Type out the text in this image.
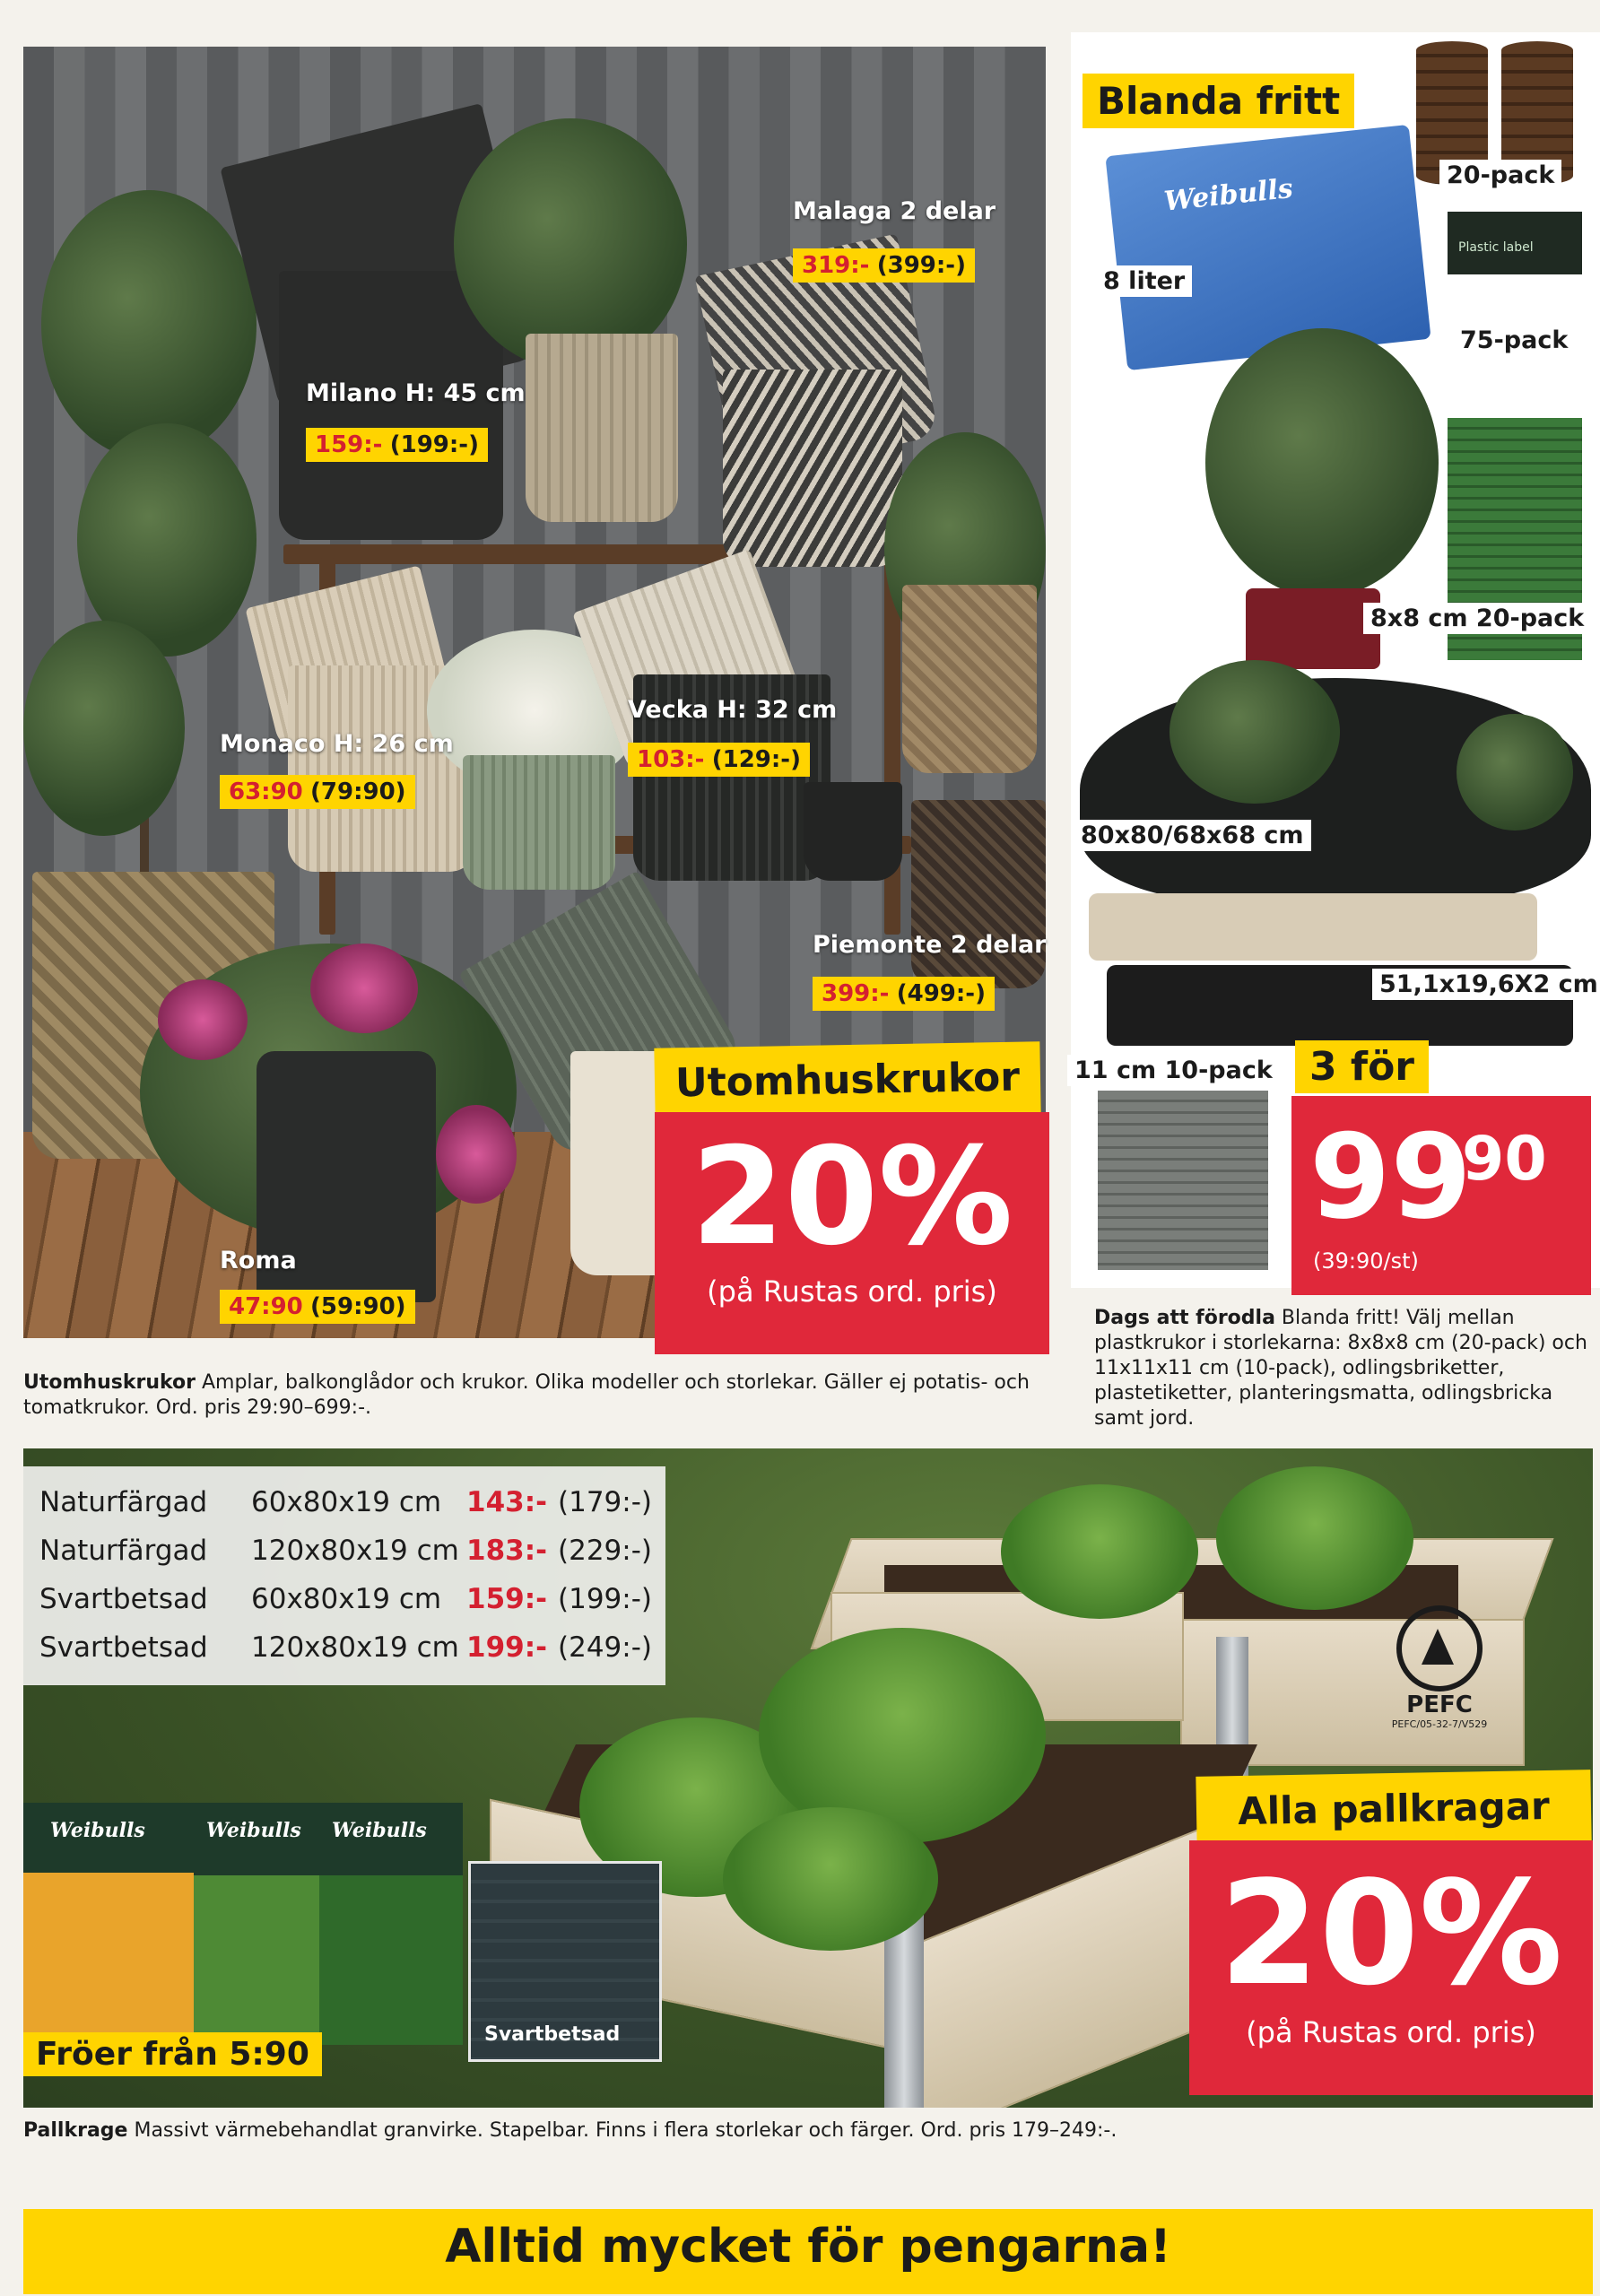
Malaga 2 delar
319:- (399:-)
Milano H: 45 cm
159:- (199:-)
Monaco H: 26 cm
63:90 (79:90)
Vecka H: 32 cm
103:- (129:-)
Piemonte 2 delar
399:- (499:-)
Roma
47:90 (59:90)
Utomhuskrukor
20%
(på Rustas ord. pris)
Weibulls
Plastic label
Blanda fritt
20-pack
8 liter
75-pack
8x8 cm 20-pack
80x80/68x68 cm
51,1x19,6X2 cm
11 cm 10-pack 3 för
99
90
(39:90/st)
Dags att förodla Blanda fritt! Välj mellan plastkrukor i storlekarna: 8x8x8 cm (20-pack) och 11x11x11 cm (10-pack), odlingsbriketter, plastetiketter, planteringsmatta, odlingsbricka samt jord.
Utomhuskrukor Amplar, balkonglådor och krukor. Olika modeller och storlekar. Gäller ej potatis- och tomatkrukor. Ord. pris 29:90–699:-.
Weibulls	Weibulls	Weibulls
Naturfärgad 60x80x19 cm 143:- (179:-)
Naturfärgad 120x80x19 cm 183:- (229:-)
Svartbetsad 60x80x19 cm 159:- (199:-)
Svartbetsad 120x80x19 cm 199:- (249:-)
PEFC
PEFC/05-32-7/V529
Alla pallkragar
20%
(på Rustas ord. pris)
Fröer från 5:90
Svartbetsad
Pallkrage Massivt värmebehandlat granvirke. Stapelbar. Finns i flera storlekar och färger. Ord. pris 179–249:-.
Alltid mycket för pengarna!
